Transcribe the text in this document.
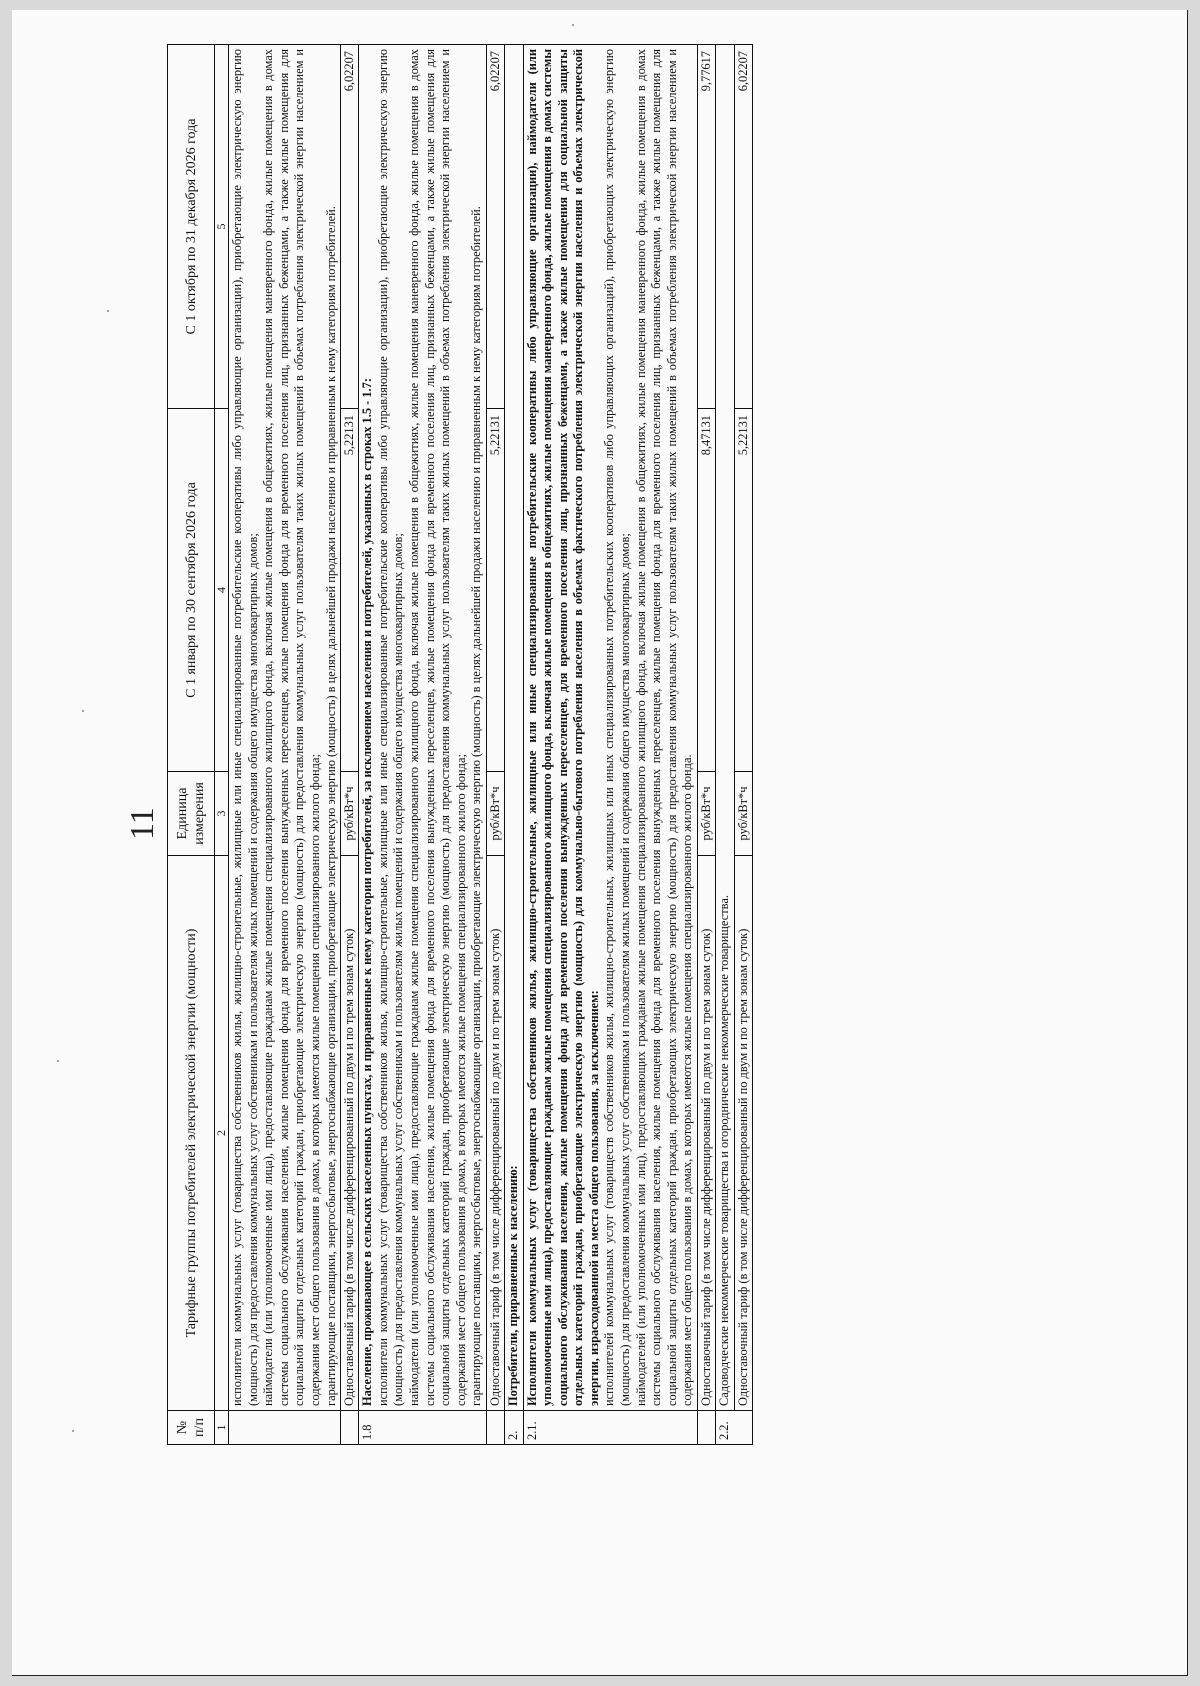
11
№
п/п	Тарифные группы потребителей электрической энергии (мощности)	Единица измерения	С 1 января по 30 сентября 2026 года	С 1 октября по 31 декабря 2026 года
1	2	3	4	5

	исполнители коммунальных услуг (товарищества собственников жилья, жилищно-строительные, жилищные или иные специализированные потребительские кооперативы либо управляющие организации), приобретающие электрическую энергию (мощность) для предоставления коммунальных услуг собственникам и пользователям жилых помещений и содержания общего имущества многоквартирных домов; наймодатели (или уполномоченные ими лица), предоставляющие гражданам жилые помещения специализированного жилищного фонда, включая жилые помещения в общежитиях, жилые помещения маневренного фонда, жилые помещения в домах системы социального обслуживания населения, жилые помещения фонда для временного поселения вынужденных переселенцев, жилые помещения фонда для временного поселения лиц, признанных беженцами, а также жилые помещения для социальной защиты отдельных категорий граждан, приобретающие электрическую энергию (мощность) для предоставления коммунальных услуг пользователям таких жилых помещений в объемах потребления электрической энергии населением и содержания мест общего пользования в домах, в которых имеются жилые помещения специализированного жилого фонда; гарантирующие поставщики, энергосбытовые, энергоснабжающие организации, приобретающие электрическую энергию (мощность) в целях дальнейшей продажи населению и приравненным к нему категориям потребителей.			

	Одноставочный тариф (в том числе дифференцированный по двум и по трем зонам суток)	руб/кВт*ч	5,22131	6,02207
1.8	Население, проживающее в сельских населенных пунктах, и приравненные к нему категории потребителей, за исключением населения и потребителей, указанных в строках 1.5 - 1.7: исполнители коммунальных услуг (товарищества собственников жилья, жилищно-строительные, жилищные или иные специализированные потребительские кооперативы либо управляющие организации), приобретающие электрическую энергию (мощность) для предоставления коммунальных услуг собственникам и пользователям жилых помещений и содержания общего имущества многоквартирных домов; наймодатели (или уполномоченные ими лица), предоставляющие гражданам жилые помещения специализированного жилищного фонда, включая жилые помещения в общежитиях, жилые помещения маневренного фонда, жилые помещения в домах системы социального обслуживания населения, жилые помещения фонда для временного поселения вынужденных переселенцев, жилые помещения фонда для временного поселения лиц, признанных беженцами, а также жилые помещения для социальной защиты отдельных категорий граждан, приобретающие электрическую энергию (мощность) для предоставления коммунальных услуг пользователям таких жилых помещений в объемах потребления электрической энергии населением и содержания мест общего пользования в домах, в которых имеются жилые помещения специализированного жилого фонда; гарантирующие поставщики, энергосбытовые, энергоснабжающие организации, приобретающие электрическую энергию (мощность) в целях дальнейшей продажи населению и приравненным к нему категориям потребителей.			

	Одноставочный тариф (в том числе дифференцированный по двум и по трем зонам суток)	руб/кВт*ч	5,22131	6,02207
2.	Потребители, приравненные к населению:			
2.1.	Исполнители коммунальных услуг (товарищества собственников жилья, жилищно-строительные, жилищные или иные специализированные потребительские кооперативы либо управляющие организации), наймодатели (или уполномоченные ими лица), предоставляющие гражданам жилые помещения специализированного жилищного фонда, включая жилые помещения в общежитиях, жилые помещения маневренного фонда, жилые помещения в домах системы социального обслуживания населения, жилые помещения фонда для временного поселения вынужденных переселенцев, для временного поселения лиц, признанных беженцами, а также жилые помещения для социальной защиты отдельных категорий граждан, приобретающие электрическую энергию (мощность) для коммунально-бытового потребления населения в объемах фактического потребления электрической энергии населения и объемах электрической энергии, израсходованной на места общего пользования, за исключением: исполнителей коммунальных услуг (товариществ собственников жилья, жилищно-строительных, жилищных или иных специализированных потребительских кооперативов либо управляющих организаций), приобретающих электрическую энергию (мощность) для предоставления коммунальных услуг собственникам и пользователям жилых помещений и содержания общего имущества многоквартирных домов; наймодателей (или уполномоченных ими лиц), предоставляющих гражданам жилые помещения специализированного жилищного фонда, включая жилые помещения в общежитиях, жилые помещения маневренного фонда, жилые помещения в домах системы социального обслуживания населения, жилые помещения фонда для временного поселения вынужденных переселенцев, жилые помещения фонда для временного поселения лиц, признанных беженцами, а также жилые помещения для социальной защиты отдельных категорий граждан, приобретающих электрическую энергию (мощность) для предоставления коммунальных услуг пользователям таких жилых помещений в объемах потребления электрической энергии населением и содержания мест общего пользования в домах, в которых имеются жилые помещения специализированного жилого фонда.			

	Одноставочный тариф (в том числе дифференцированный по двум и по трем зонам суток)	руб/кВт*ч	8,47131	9,77617
2.2.	Садоводческие некоммерческие товарищества и огороднические некоммерческие товарищества.			
	Одноставочный тариф (в том числе дифференцированный по двум и по трем зонам суток)	руб/кВт*ч	5,22131	6,02207
